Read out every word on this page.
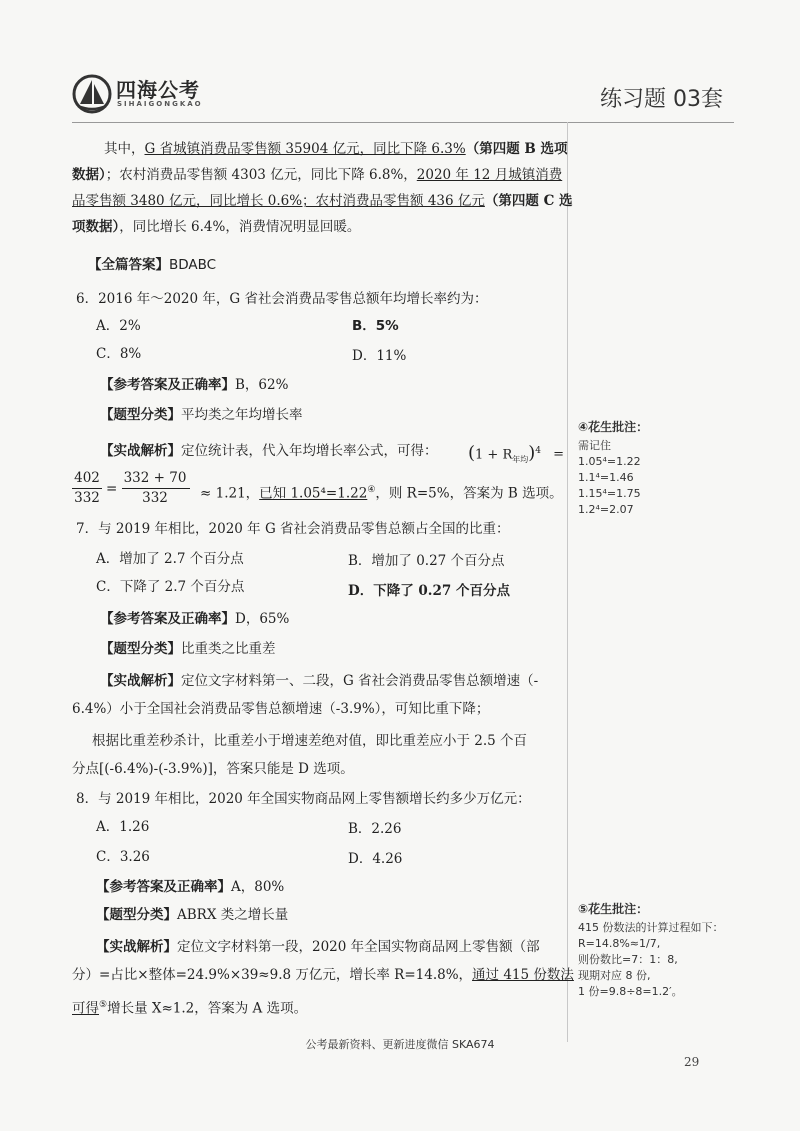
四海公考
SIHAIGONGKAO	练习题 03套
其中，G 省城镇消费品零售额 35904 亿元，同比下降 6.3%（第四题 B 选项
数据）；农村消费品零售额 4303 亿元，同比下降 6.8%，2020 年 12 月城镇消费
品零售额 3480 亿元，同比增长 0.6%；农村消费品零售额 436 亿元（第四题 C 选
项数据），同比增长 6.4%，消费情况明显回暖。
【全篇答案】BDABC
6．2016 年～2020 年，G 省社会消费品零售总额年均增长率约为：
A．2%	B．5%
C．8%	D．11%
【参考答案及正确率】B，62%
【题型分类】平均类之年均增长率
【实战解析】定位统计表，代入年均增长率公式，可得： $(1 + R_{年均})^4$ =
402
332
=
332 + 70
332	≈ 1.21，已知 1.05⁴=1.22④，则 R=5%，答案为 B 选项。
7．与 2019 年相比，2020 年 G 省社会消费品零售总额占全国的比重：
A．增加了 2.7 个百分点	B．增加了 0.27 个百分点
C．下降了 2.7 个百分点	D．下降了 0.27 个百分点
【参考答案及正确率】D，65%
【题型分类】比重类之比重差
【实战解析】定位文字材料第一、二段，G 省社会消费品零售总额增速（-
6.4%）小于全国社会消费品零售总额增速（-3.9%），可知比重下降；
根据比重差秒杀计，比重差小于增速差绝对值，即比重差应小于 2.5 个百
分点[(-6.4%)-(-3.9%)]，答案只能是 D 选项。
8．与 2019 年相比，2020 年全国实物商品网上零售额增长约多少万亿元：
A．1.26	B．2.26
C．3.26	D．4.26
【参考答案及正确率】A，80%
【题型分类】ABRX 类之增长量
【实战解析】定位文字材料第一段，2020 年全国实物商品网上零售额（部
分）=占比×整体=24.9%×39≈9.8 万亿元，增长率 R=14.8%，通过 415 份数法
可得⑤增长量 X≈1.2，答案为 A 选项。
④花生批注：
需记住
1.05⁴=1.22
1.1⁴=1.46
1.15⁴=1.75
1.2⁴=2.07
⑤花生批注：
415 份数法的计算过程如下：
R=14.8%≈1/7,
则份数比=7：1：8,
现期对应 8 份,
1 份=9.8÷8=1.2′。
公考最新资料、更新进度微信 SKA674
29
